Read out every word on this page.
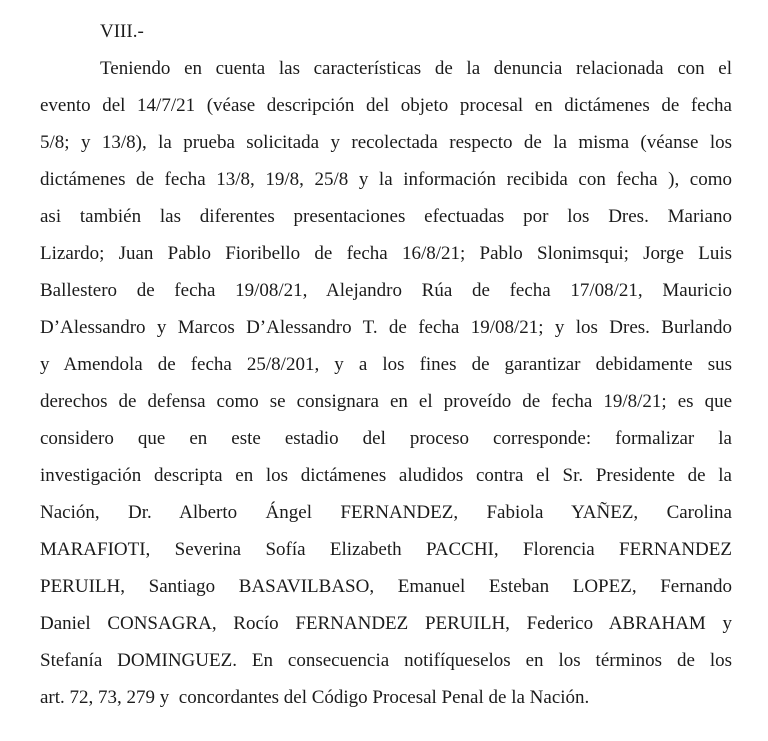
VIII.-
Teniendo en cuenta las características de la denuncia relacionada con el
evento del 14/7/21 (véase descripción del objeto procesal en dictámenes de fecha
5/8; y 13/8), la prueba solicitada y recolectada respecto de la misma (véanse los
dictámenes de fecha 13/8, 19/8, 25/8 y la información recibida con fecha ), como
asi también las diferentes presentaciones efectuadas por los Dres. Mariano
Lizardo; Juan Pablo Fioribello de fecha 16/8/21; Pablo Slonimsqui; Jorge Luis
Ballestero de fecha 19/08/21, Alejandro Rúa de fecha 17/08/21, Mauricio
D’Alessandro y Marcos D’Alessandro T. de fecha 19/08/21; y los Dres. Burlando
y Amendola de fecha 25/8/201, y a los fines de garantizar debidamente sus
derechos de defensa como se consignara en el proveído de fecha 19/8/21; es que
considero que en este estadio del proceso corresponde: formalizar la
investigación descripta en los dictámenes aludidos contra el Sr. Presidente de la
Nación, Dr. Alberto Ángel FERNANDEZ, Fabiola YAÑEZ, Carolina
MARAFIOTI, Severina Sofía Elizabeth PACCHI, Florencia FERNANDEZ
PERUILH, Santiago BASAVILBASO, Emanuel Esteban LOPEZ, Fernando
Daniel CONSAGRA, Rocío FERNANDEZ PERUILH, Federico ABRAHAM y
Stefanía DOMINGUEZ. En consecuencia notifíqueselos en los términos de los
art. 72, 73, 279 y  concordantes del Código Procesal Penal de la Nación.
